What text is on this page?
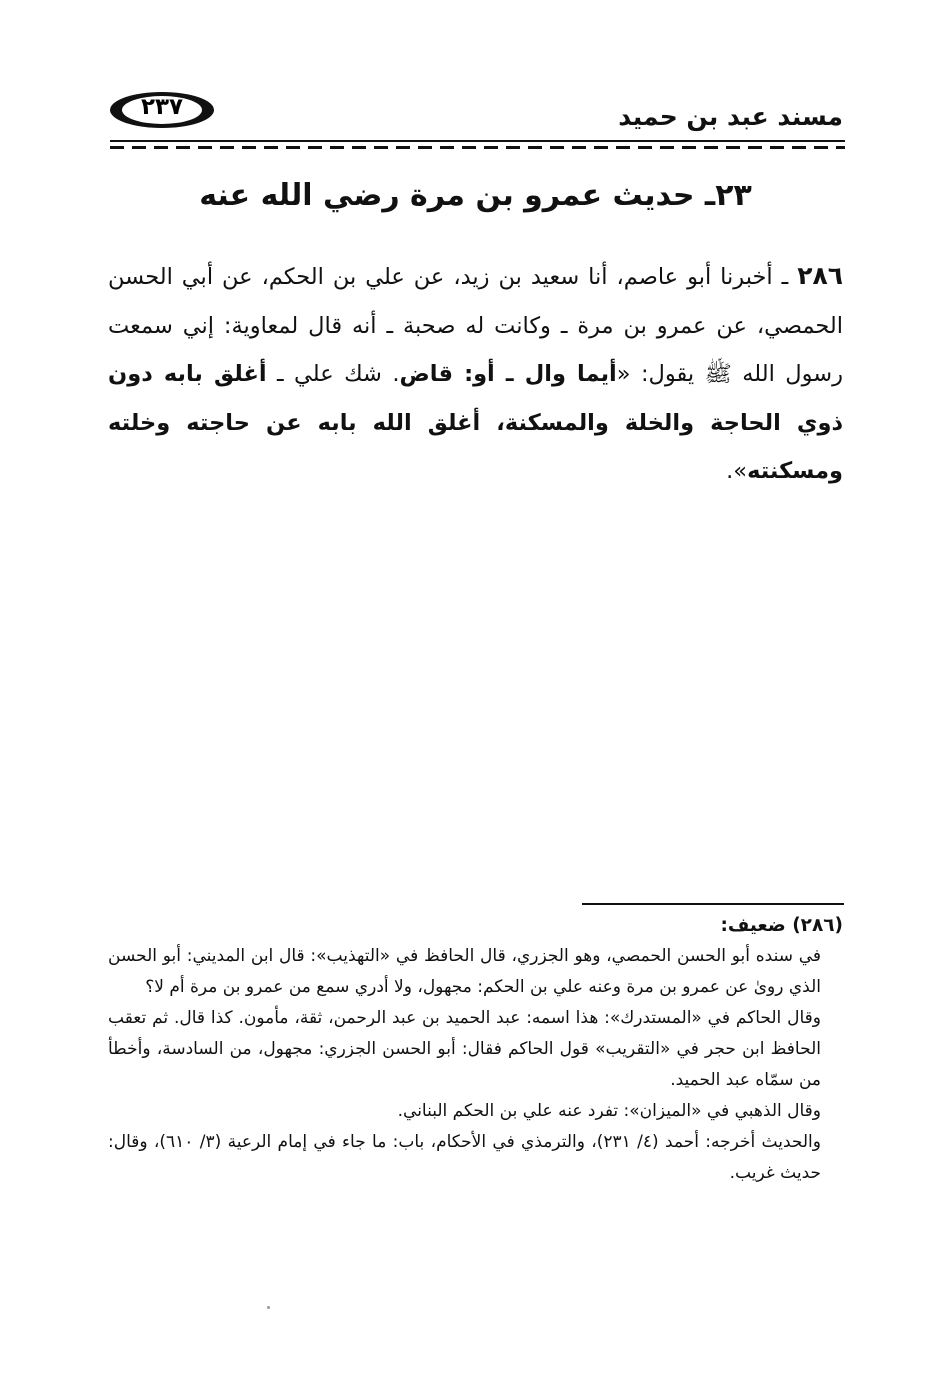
٢٣٧	مسند عبد بن حميد
٢٣ـ حديث عمرو بن مرة رضي الله عنه
٢٨٦ ـ أخبرنا أبو عاصم، أنا سعيد بن زيد، عن علي بن الحكم، عن أبي الحسن الحمصي، عن عمرو بن مرة ـ وكانت له صحبة ـ أنه قال لمعاوية: إني سمعت رسول الله ﷺ يقول: «أيما وال ـ أو: قاض. شك علي ـ أغلق بابه دون ذوي الحاجة والخلة والمسكنة، أغلق الله بابه عن حاجته وخلته ومسكنته».
(٢٨٦) ضعيف:
في سنده أبو الحسن الحمصي، وهو الجزري، قال الحافظ في «التهذيب»: قال ابن المديني: أبو الحسن الذي روىٰ عن عمرو بن مرة وعنه علي بن الحكم: مجهول، ولا أدري سمع من عمرو بن مرة أم لا؟
وقال الحاكم في «المستدرك»: هذا اسمه: عبد الحميد بن عبد الرحمن، ثقة، مأمون. كذا قال. ثم تعقب الحافظ ابن حجر في «التقريب» قول الحاكم فقال: أبو الحسن الجزري: مجهول، من السادسة، وأخطأ من سمّاه عبد الحميد.
وقال الذهبي في «الميزان»: تفرد عنه علي بن الحكم البناني.
والحديث أخرجه: أحمد (٤/ ٢٣١)، والترمذي في الأحكام، باب: ما جاء في إمام الرعية (٣/ ٦١٠)، وقال: حديث غريب.
